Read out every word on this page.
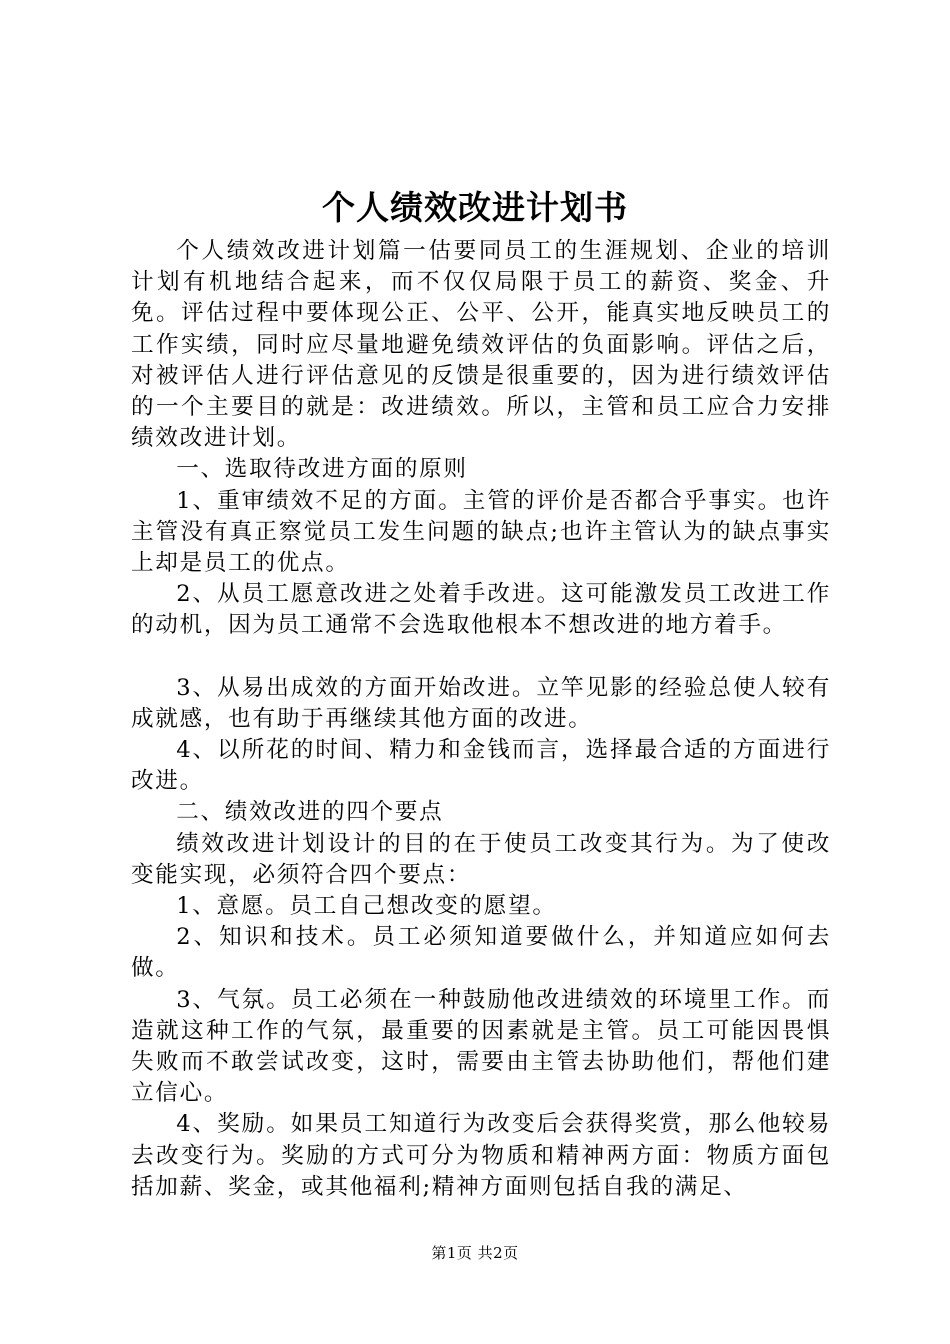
个人绩效改进计划书

个人绩效改进计划篇一估要同员工的生涯规划、企业的培训计划有机地结合起来，而不仅仅局限于员工的薪资、奖金、升免。评估过程中要体现公正、公平、公开，能真实地反映员工的工作实绩，同时应尽量地避免绩效评估的负面影响。评估之后，对被评估人进行评估意见的反馈是很重要的，因为进行绩效评估的一个主要目的就是：改进绩效。所以，主管和员工应合力安排绩效改进计划。

一、选取待改进方面的原则

1、重审绩效不足的方面。主管的评价是否都合乎事实。也许主管没有真正察觉员工发生问题的缺点;也许主管认为的缺点事实上却是员工的优点。

2、从员工愿意改进之处着手改进。这可能激发员工改进工作的动机，因为员工通常不会选取他根本不想改进的地方着手。

3、从易出成效的方面开始改进。立竿见影的经验总使人较有成就感，也有助于再继续其他方面的改进。

4、以所花的时间、精力和金钱而言，选择最合适的方面进行改进。

二、绩效改进的四个要点

绩效改进计划设计的目的在于使员工改变其行为。为了使改变能实现，必须符合四个要点：

1、意愿。员工自己想改变的愿望。

2、知识和技术。员工必须知道要做什么，并知道应如何去做。

3、气氛。员工必须在一种鼓励他改进绩效的环境里工作。而造就这种工作的气氛，最重要的因素就是主管。员工可能因畏惧失败而不敢尝试改变，这时，需要由主管去协助他们，帮他们建立信心。

4、奖励。如果员工知道行为改变后会获得奖赏，那么他较易去改变行为。奖励的方式可分为物质和精神两方面：物质方面包括加薪、奖金，或其他福利;精神方面则包括自我的满足、

第1页 共2页
